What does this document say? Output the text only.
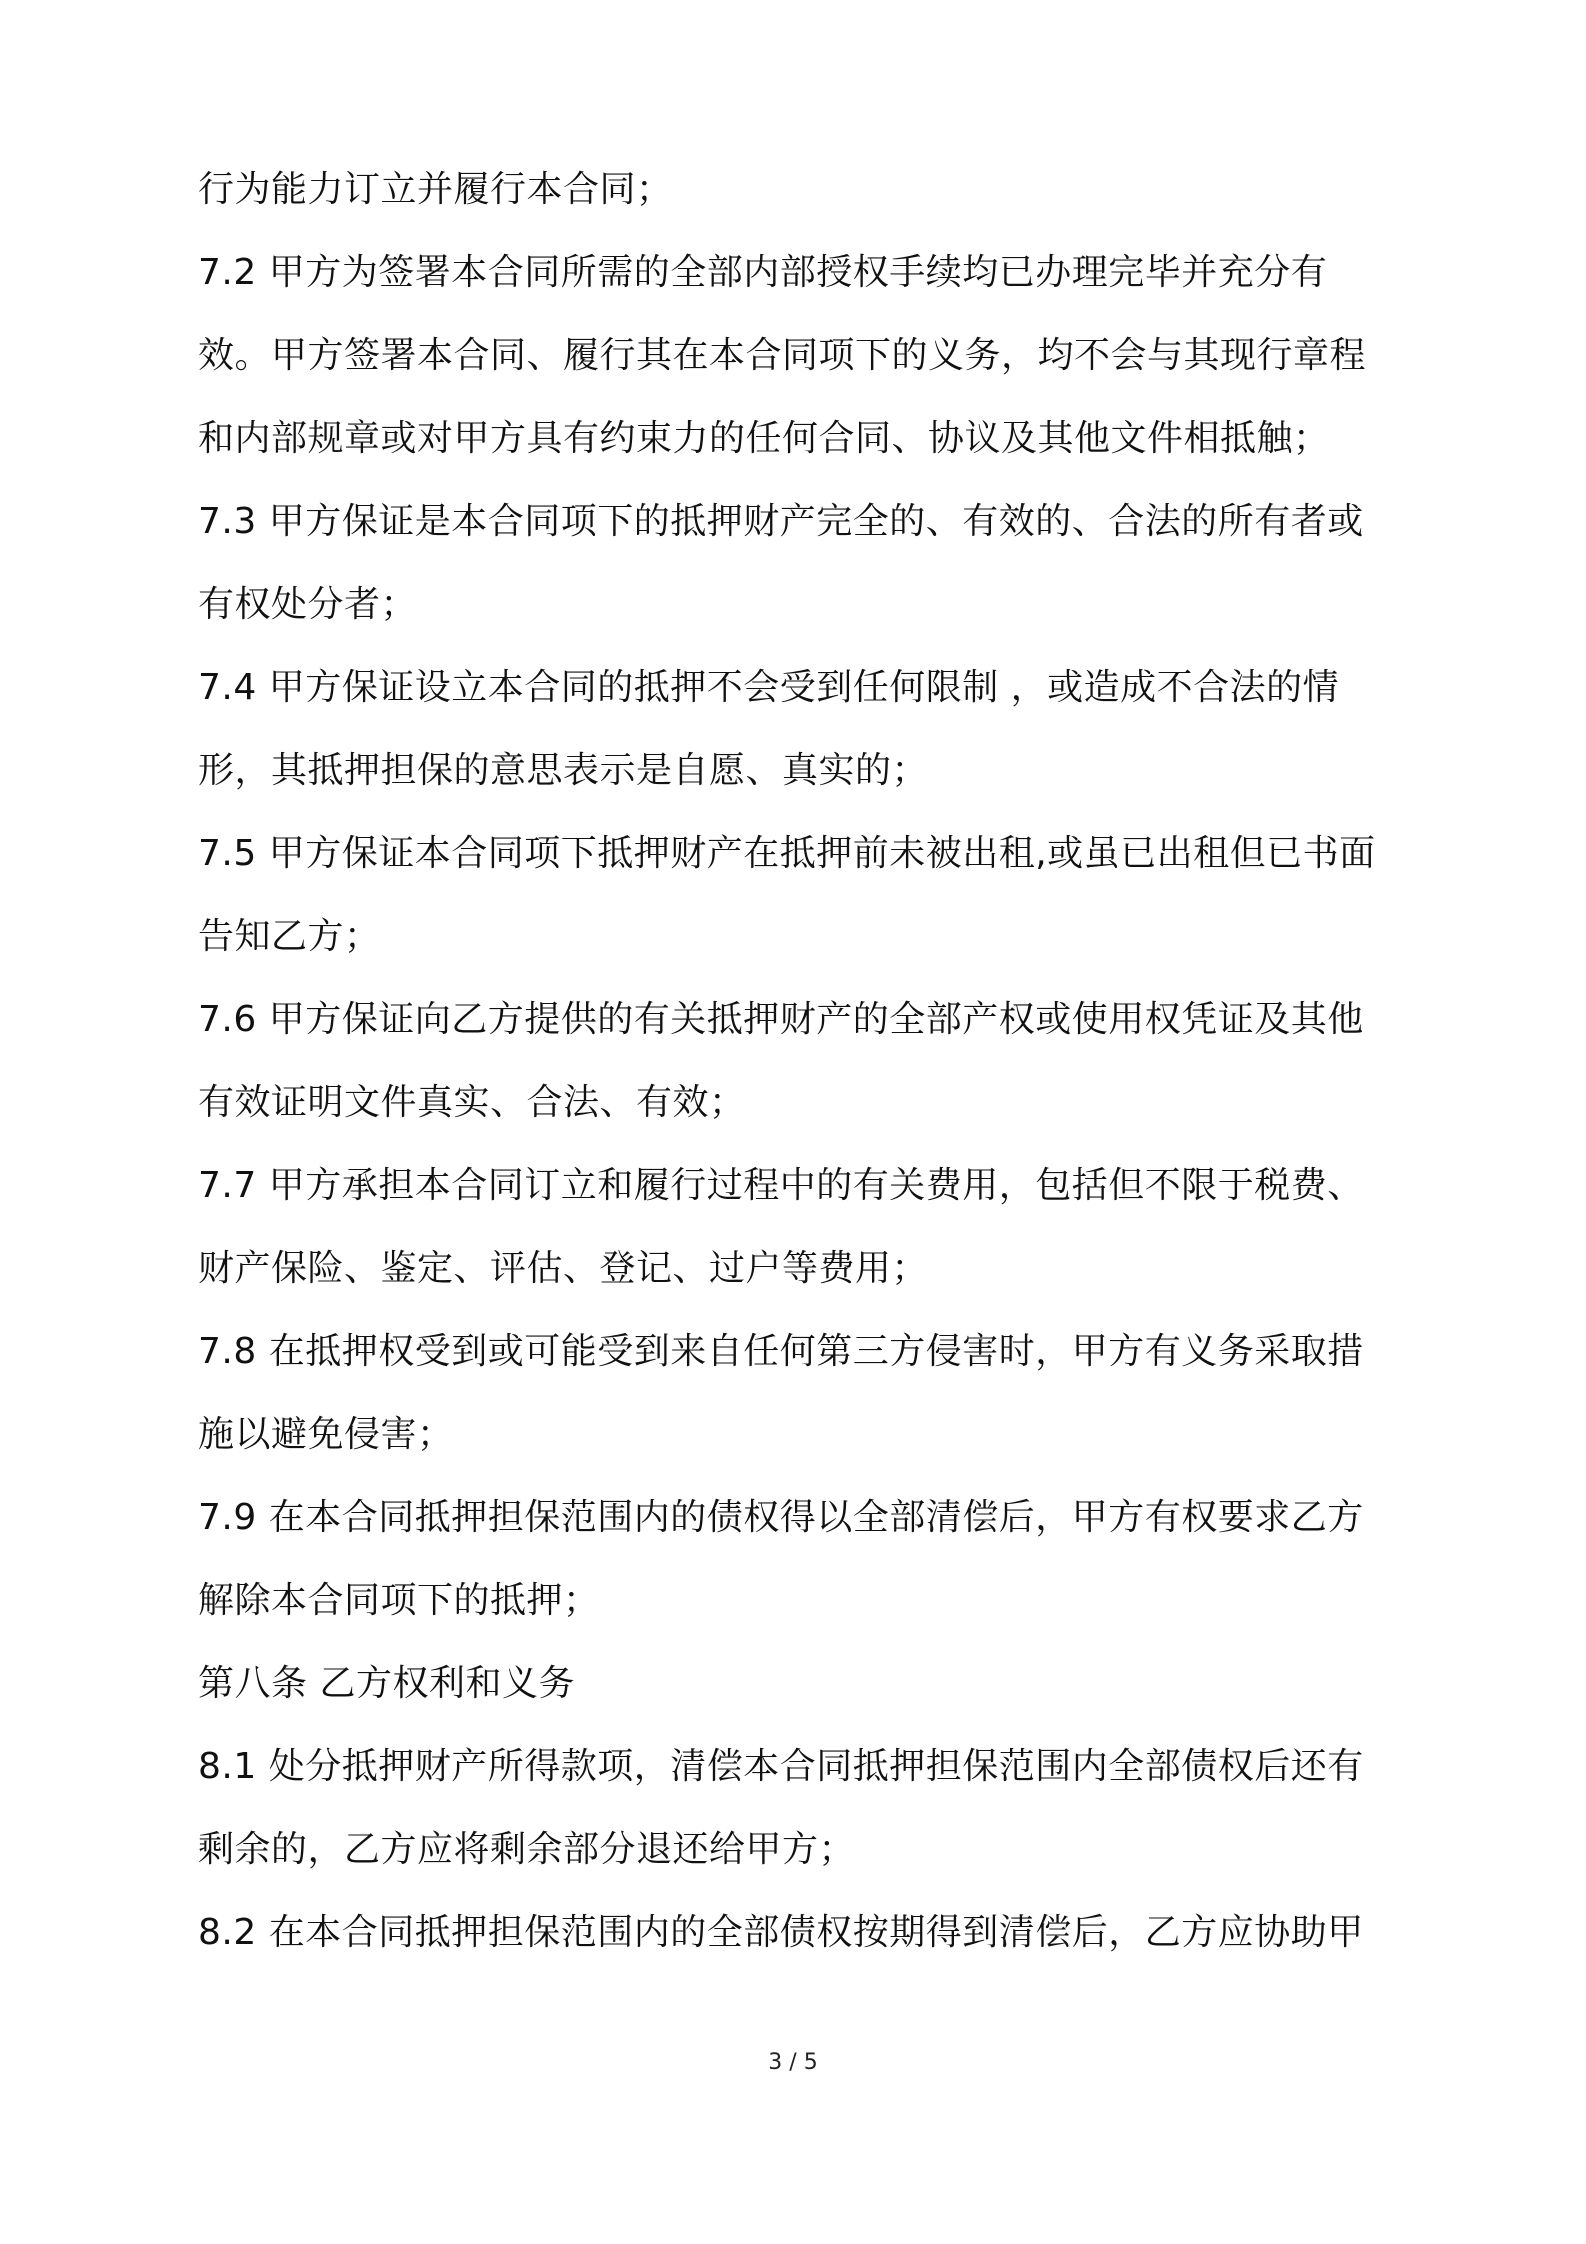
行为能力订立并履行本合同；
7.2 甲方为签署本合同所需的全部内部授权手续均已办理完毕并充分有
效。甲方签署本合同、履行其在本合同项下的义务，均不会与其现行章程
和内部规章或对甲方具有约束力的任何合同、协议及其他文件相抵触；
7.3 甲方保证是本合同项下的抵押财产完全的、有效的、合法的所有者或
有权处分者；
7.4 甲方保证设立本合同的抵押不会受到任何限制 ，或造成不合法的情
形，其抵押担保的意思表示是自愿、真实的；
7.5 甲方保证本合同项下抵押财产在抵押前未被出租,或虽已出租但已书面
告知乙方；
7.6 甲方保证向乙方提供的有关抵押财产的全部产权或使用权凭证及其他
有效证明文件真实、合法、有效；
7.7 甲方承担本合同订立和履行过程中的有关费用，包括但不限于税费、
财产保险、鉴定、评估、登记、过户等费用；
7.8 在抵押权受到或可能受到来自任何第三方侵害时，甲方有义务采取措
施以避免侵害；
7.9 在本合同抵押担保范围内的债权得以全部清偿后，甲方有权要求乙方
解除本合同项下的抵押；
第八条 乙方权利和义务
8.1 处分抵押财产所得款项，清偿本合同抵押担保范围内全部债权后还有
剩余的，乙方应将剩余部分退还给甲方；
8.2 在本合同抵押担保范围内的全部债权按期得到清偿后，乙方应协助甲
3 / 5
